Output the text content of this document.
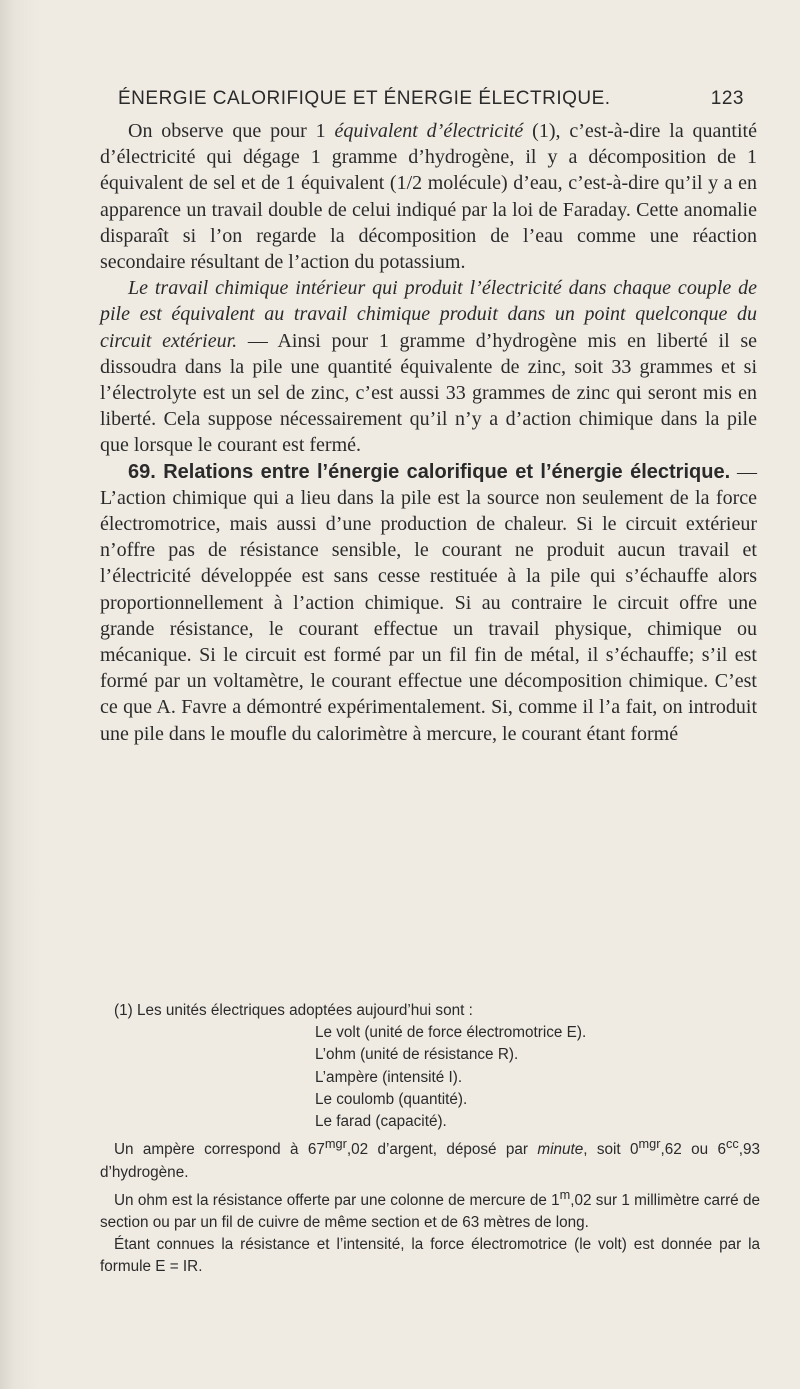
ÉNERGIE CALORIFIQUE ET ÉNERGIE ÉLECTRIQUE.	123

On observe que pour 1 équivalent d’électricité (1), c’est-à-dire la quantité d’électricité qui dégage 1 gramme d’hydrogène, il y a décomposition de 1 équivalent de sel et de 1 équivalent (1/2 molécule) d’eau, c’est-à-dire qu’il y a en apparence un travail double de celui indiqué par la loi de Faraday. Cette anomalie disparaît si l’on regarde la décomposition de l’eau comme une réaction secondaire résultant de l’action du potassium.

Le travail chimique intérieur qui produit l’électricité dans chaque couple de pile est équivalent au travail chimique produit dans un point quelconque du circuit extérieur. — Ainsi pour 1 gramme d’hydrogène mis en liberté il se dissoudra dans la pile une quantité équivalente de zinc, soit 33 grammes et si l’électrolyte est un sel de zinc, c’est aussi 33 grammes de zinc qui seront mis en liberté. Cela suppose nécessairement qu’il n’y a d’action chimique dans la pile que lorsque le courant est fermé.

69. Relations entre l’énergie calorifique et l’énergie électrique. — L’action chimique qui a lieu dans la pile est la source non seulement de la force électromotrice, mais aussi d’une production de chaleur. Si le circuit extérieur n’offre pas de résistance sensible, le courant ne produit aucun travail et l’électricité développée est sans cesse restituée à la pile qui s’échauffe alors proportionnellement à l’action chimique. Si au contraire le circuit offre une grande résistance, le courant effectue un travail physique, chimique ou mécanique. Si le circuit est formé par un fil fin de métal, il s’échauffe; s’il est formé par un voltamètre, le courant effectue une décomposition chimique. C’est ce que A. Favre a démontré expérimentalement. Si, comme il l’a fait, on introduit une pile dans le moufle du calorimètre à mercure, le courant étant formé

(1) Les unités électriques adoptées aujourd’hui sont :

Le volt (unité de force électromotrice E).
L’ohm (unité de résistance R).
L’ampère (intensité I).
Le coulomb (quantité).
Le farad (capacité).

Un ampère correspond à $67^{mgr},02$ d’argent, déposé par minute, soit $0^{mgr},62$ ou $6^{cc},93$ d’hydrogène.

Un ohm est la résistance offerte par une colonne de mercure de 1$^m$,02 sur 1 millimètre carré de section ou par un fil de cuivre de même section et de 63 mètres de long.

Étant connues la résistance et l’intensité, la force électromotrice (le volt) est donnée par la formule E = IR.
